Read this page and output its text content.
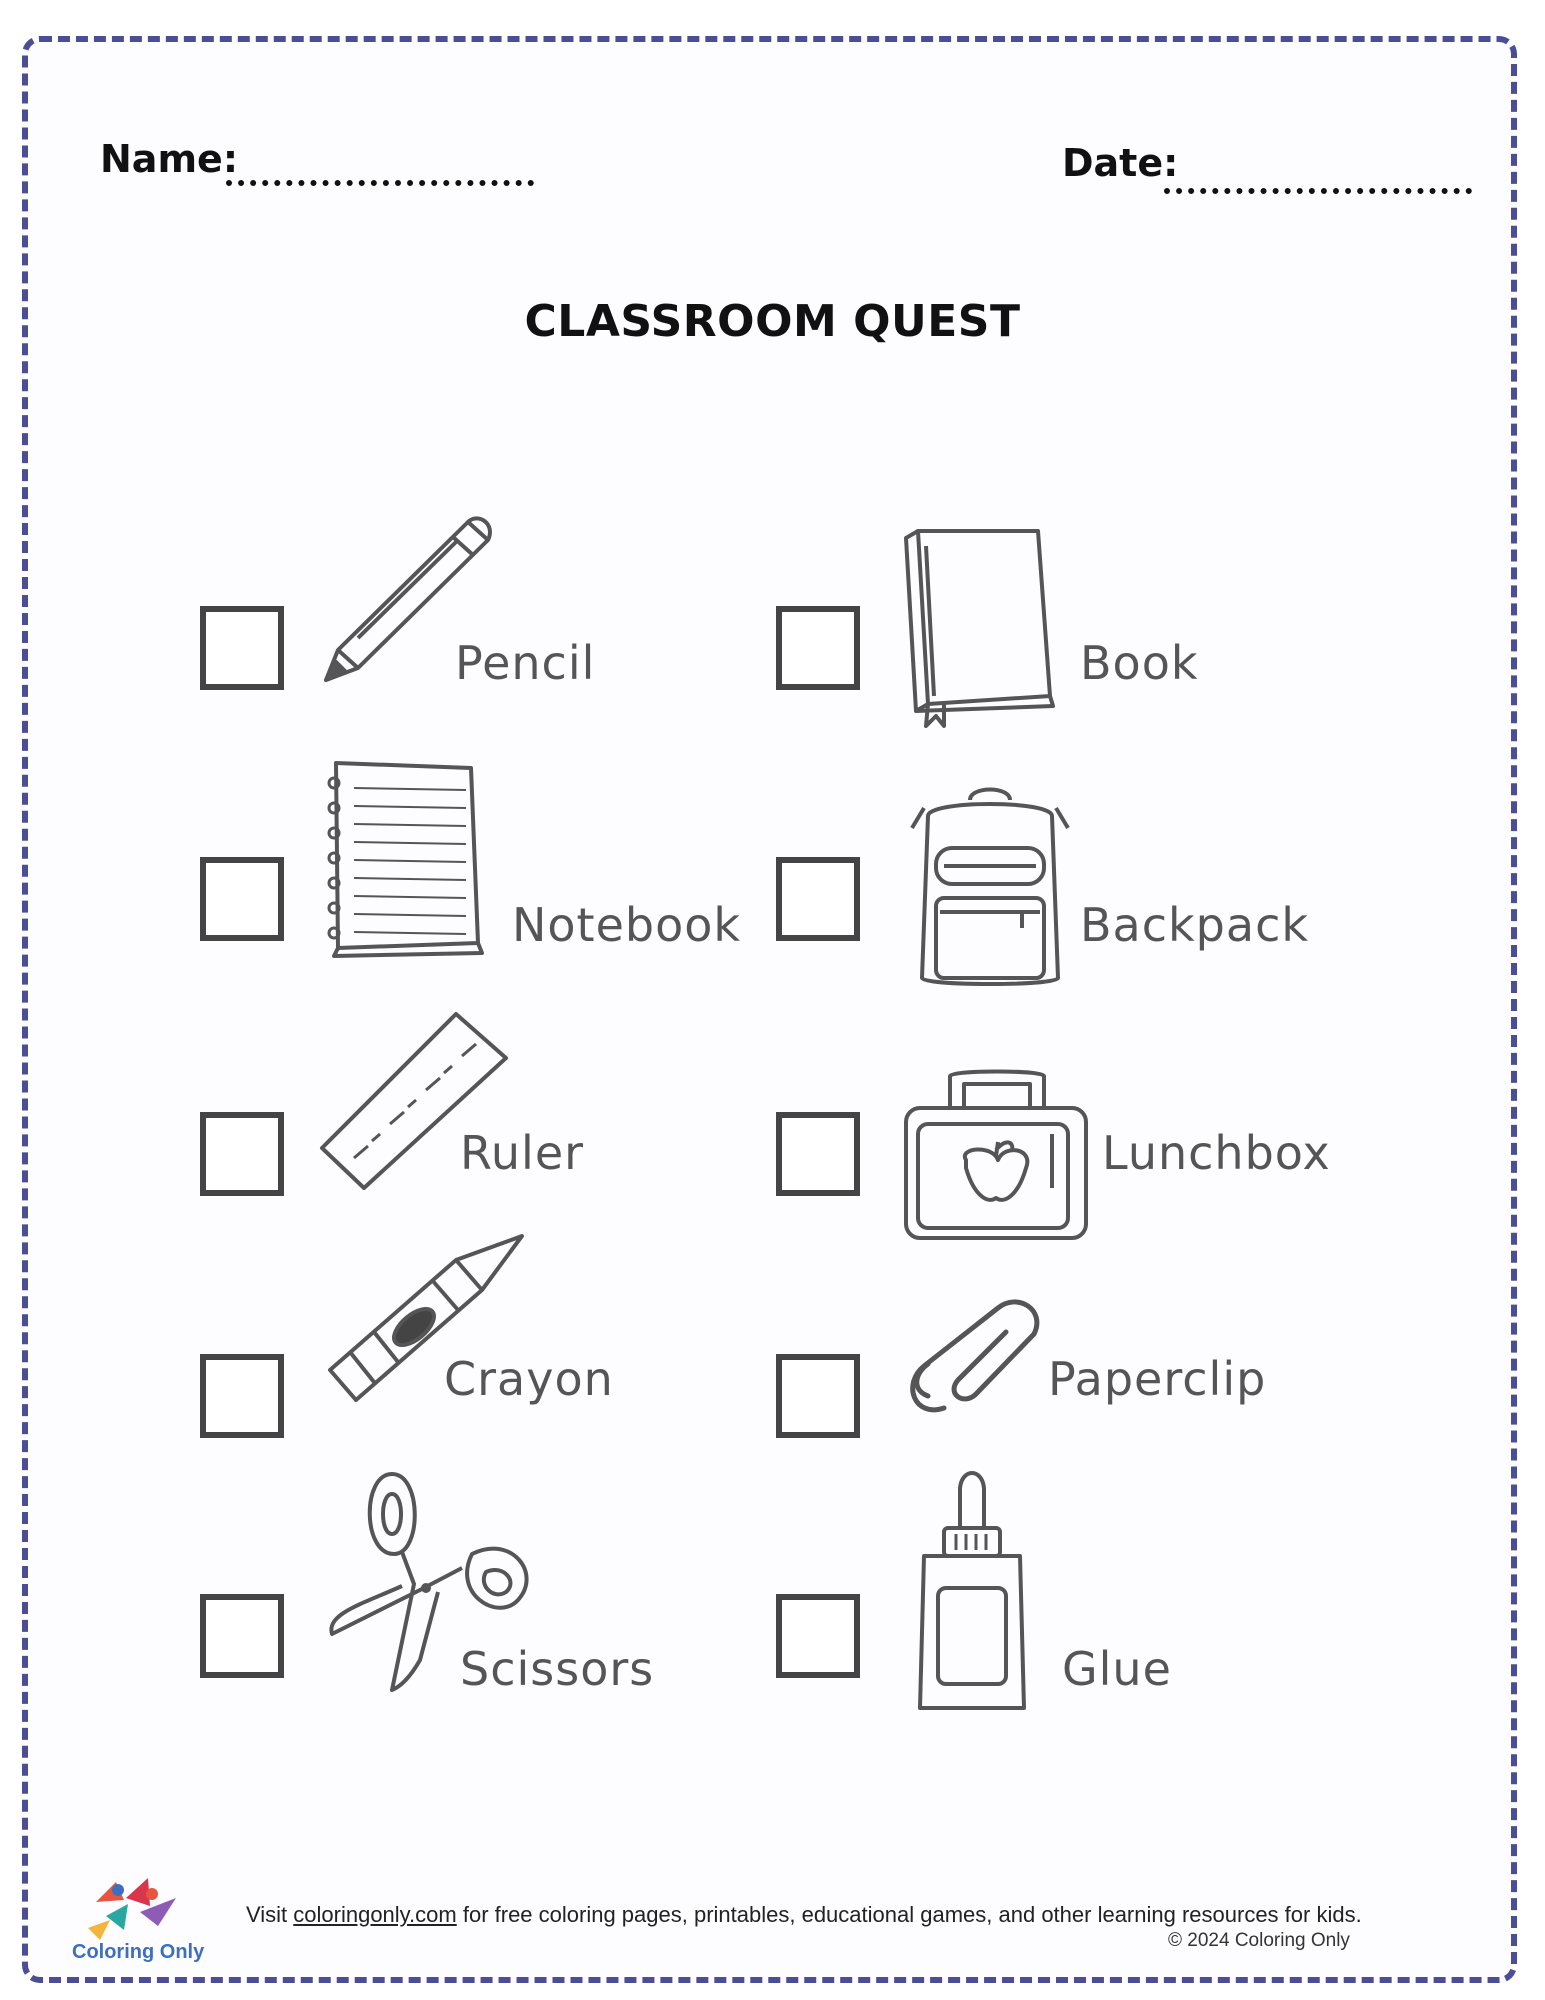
Name:	Date:
CLASSROOM QUEST
Pencil	Book
Notebook	Backpack
Ruler	Lunchbox
Crayon	Paperclip
Scissors	Glue
Coloring Only
Visit coloringonly.com for free coloring pages, printables, educational games, and other learning resources for kids.
© 2024 Coloring Only
